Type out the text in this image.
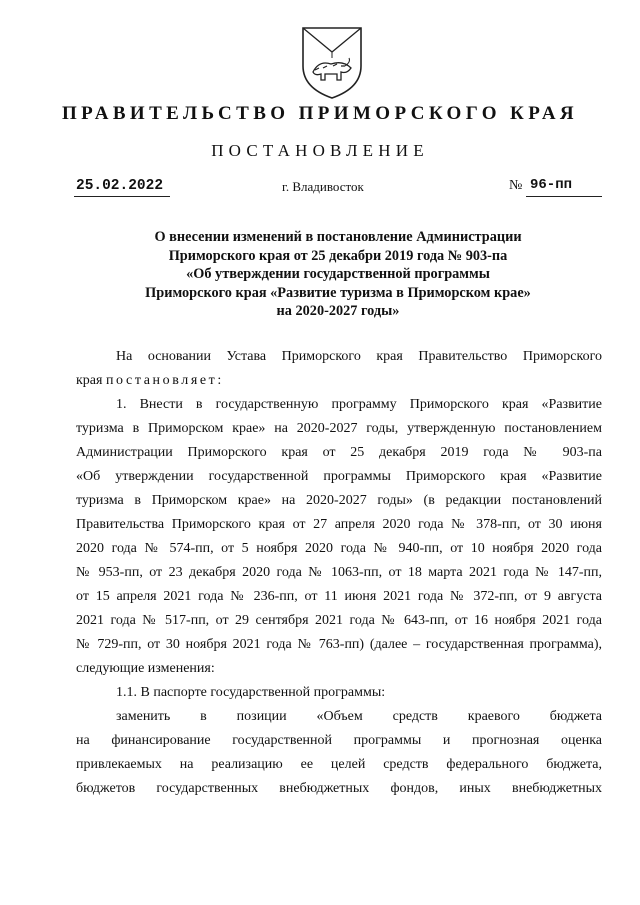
ПРАВИТЕЛЬСТВО ПРИМОРСКОГО КРАЯ
ПОСТАНОВЛЕНИЕ
25.02.2022	г. Владивосток	№ 96-пп
О внесении изменений в постановление Администрации
Приморского края от 25 декабри 2019 года № 903-па
«Об утверждении государственной программы
Приморского края «Развитие туризма в Приморском крае»
на 2020-2027 годы»
На основании Устава Приморского края Правительство Приморского
края постановляет:
1. Внести в государственную программу Приморского края «Развитие
туризма в Приморском крае» на 2020-2027 годы, утвержденную постановлением
Администрации Приморского края от 25 декабря 2019 года № 903-па
«Об утверждении государственной программы Приморского края «Развитие
туризма в Приморском крае» на 2020-2027 годы» (в редакции постановлений
Правительства Приморского края от 27 апреля 2020 года № 378-пп, от 30 июня
2020 года № 574-пп, от 5 ноября 2020 года № 940-пп, от 10 ноября 2020 года
№ 953-пп, от 23 декабря 2020 года № 1063-пп, от 18 марта 2021 года № 147-пп,
от 15 апреля 2021 года № 236-пп, от 11 июня 2021 года № 372-пп, от 9 августа
2021 года № 517-пп, от 29 сентября 2021 года № 643-пп, от 16 ноября 2021 года
№ 729-пп, от 30 ноября 2021 года № 763-пп) (далее – государственная программа),
следующие изменения:
1.1. В паспорте государственной программы:
заменить в позиции «Объем средств краевого бюджета
на финансирование государственной программы и прогнозная оценка
привлекаемых на реализацию ее целей средств федерального бюджета,
бюджетов государственных внебюджетных фондов, иных внебюджетных
